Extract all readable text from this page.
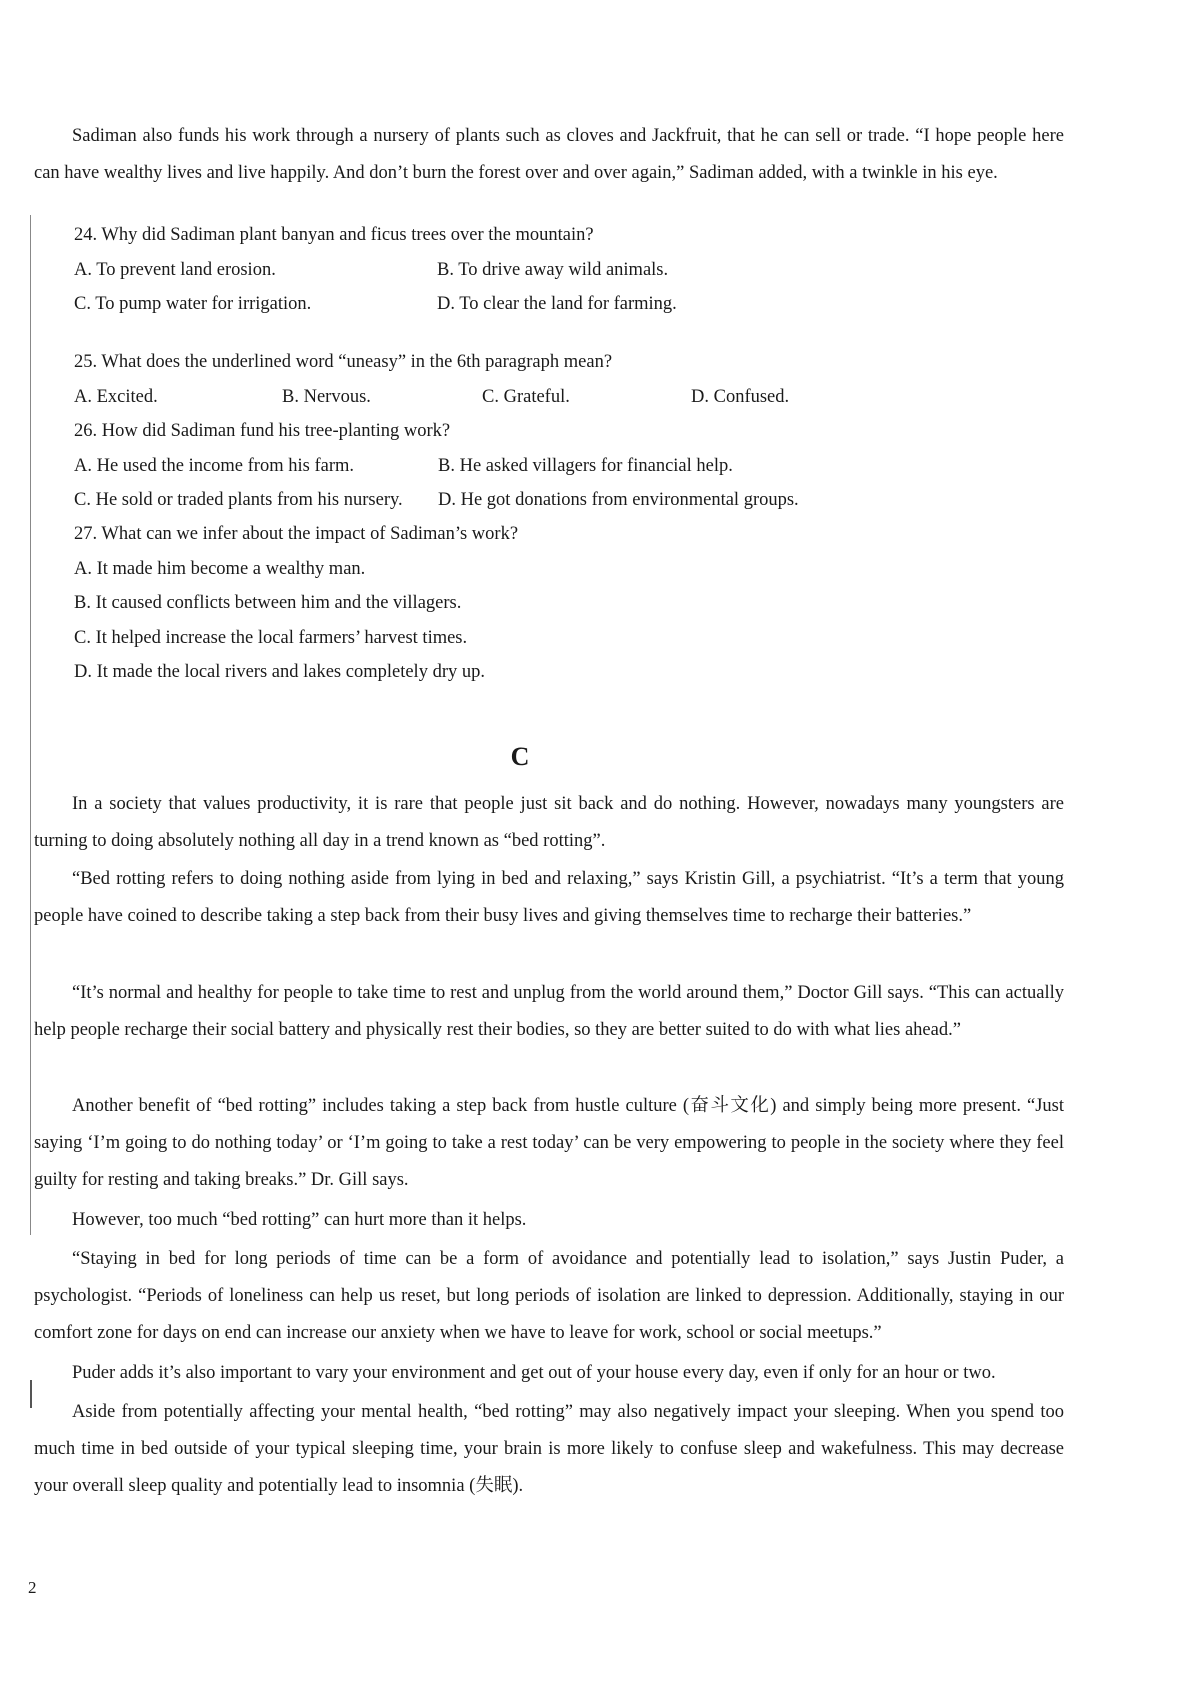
Sadiman also funds his work through a nursery of plants such as cloves and Jackfruit, that he can sell or trade. “I hope people here can have wealthy lives and live happily. And don’t burn the forest over and over again,” Sadiman added, with a twinkle in his eye.

24. Why did Sadiman plant banyan and ficus trees over the mountain?
A. To prevent land erosion.	B. To drive away wild animals.
C. To pump water for irrigation.	D. To clear the land for farming.
25. What does the underlined word “uneasy” in the 6th paragraph mean?
A. Excited.	B. Nervous.	C. Grateful.	D. Confused.
26. How did Sadiman fund his tree-planting work?
A. He used the income from his farm.	B. He asked villagers for financial help.
C. He sold or traded plants from his nursery. D. He got donations from environmental groups.
27. What can we infer about the impact of Sadiman’s work?
A. It made him become a wealthy man.
B. It caused conflicts between him and the villagers.
C. It helped increase the local farmers’ harvest times.
D. It made the local rivers and lakes completely dry up.
C

In a society that values productivity, it is rare that people just sit back and do nothing. However, nowadays many youngsters are turning to doing absolutely nothing all day in a trend known as “bed rotting”.

“Bed rotting refers to doing nothing aside from lying in bed and relaxing,” says Kristin Gill, a psychiatrist. “It’s a term that young people have coined to describe taking a step back from their busy lives and giving themselves time to recharge their batteries.”

“It’s normal and healthy for people to take time to rest and unplug from the world around them,” Doctor Gill says. “This can actually help people recharge their social battery and physically rest their bodies, so they are better suited to do with what lies ahead.”

Another benefit of “bed rotting” includes taking a step back from hustle culture (奋斗文化) and simply being more present. “Just saying ‘I’m going to do nothing today’ or ‘I’m going to take a rest today’ can be very empowering to people in the society where they feel guilty for resting and taking breaks.” Dr. Gill says.

However, too much “bed rotting” can hurt more than it helps.

“Staying in bed for long periods of time can be a form of avoidance and potentially lead to isolation,” says Justin Puder, a psychologist. “Periods of loneliness can help us reset, but long periods of isolation are linked to depression. Additionally, staying in our comfort zone for days on end can increase our anxiety when we have to leave for work, school or social meetups.”

Puder adds it’s also important to vary your environment and get out of your house every day, even if only for an hour or two.

Aside from potentially affecting your mental health, “bed rotting” may also negatively impact your sleeping. When you spend too much time in bed outside of your typical sleeping time, your brain is more likely to confuse sleep and wakefulness. This may decrease your overall sleep quality and potentially lead to insomnia (失眠).

2
